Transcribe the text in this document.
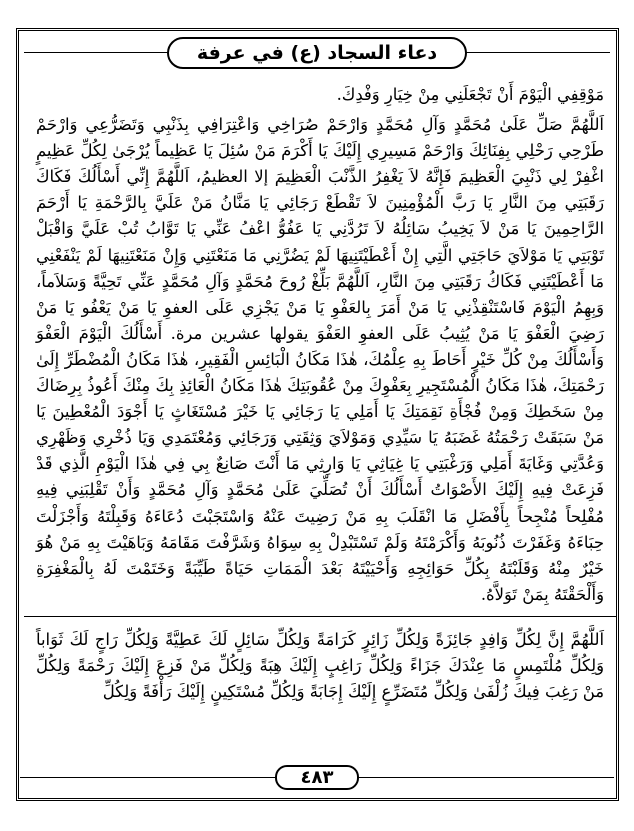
دعاء السجاد (ع) في عرفة

مَوْقِفِي الْيَوْمَ أَنْ تَجْعَلَنِي مِنْ خِيَارِ وَفْدِكَ.

اَللَّهُمَّ صَلِّ عَلَىٰ مُحَمَّدٍ وَآلِ مُحَمَّدٍ وَارْحَمْ صُرَاخِي وَاعْتِرَافِي بِذَنْبِي وَتَضَرُّعِي وَارْحَمْ طَرْحِي رَحْلِي بِفِنَائِكَ وَارْحَمْ مَسِيرِي إِلَيْكَ يَا أَكْرَمَ مَنْ سُئِلَ يَا عَظِيماً يُرْجَىٰ لِكُلِّ عَظِيمٍ اغْفِرْ لِي ذَنْبِيَ الْعَظِيمَ فَإِنَّهُ لاَ يَغْفِرُ الذَّنْبَ الْعَظِيمَ إلا العظيمُ، اَللَّهُمَّ إِنِّي أَسْأَلُكَ فَكَاكَ رَقَبَتِي مِنَ النَّارِ يَا رَبَّ الْمُؤْمِنِينَ لاَ تَقْطَعْ رَجَائِي يَا مَنَّانُ مَنْ عَلَيَّ بِالرَّحْمَةِ يَا أَرْحَمَ الرَّاحِمِينَ يَا مَنْ لاَ يَخِيبُ سَائِلُهُ لاَ تَرُدَّنِي يَا عَفُوُّ اعْفُ عَنِّي يَا تَوَّابُ تُبْ عَلَيَّ وَاقْبَلْ تَوْبَتِي يَا مَوْلاَيَ حَاجَتِي الَّتِي إِنْ أَعْطَيْتَنِيهَا لَمْ يَضُرَّنِي مَا مَنَعْتَنِي وَإِنْ مَنَعْتَنِيهَا لَمْ يَنْفَعْنِي مَا أَعْطَيْتَنِي فَكَاكُ رَقَبَتِي مِنَ النَّارِ، اَللَّهُمَّ بَلِّغْ رُوحَ مُحَمَّدٍ وَآلِ مُحَمَّدٍ عَنِّي تَحِيَّةً وَسَلاَماً، وَبِهِمُ الْيَوْمَ فَاسْتَنْقِذْنِي يَا مَنْ أَمَرَ بِالعَفْوِ يَا مَنْ يَجْزِي عَلَى العفوِ يَا مَنْ يَعْفُو يَا مَنْ رَضِيَ الْعَفْوَ يَا مَنْ يُثِيبُ عَلَى العفوِ العَفْوَ يقولها عشرين مرة. أَسْأَلُكَ الْيَوْمَ الْعَفْوَ وَأَسْأَلُكَ مِنْ كُلِّ خَيْرٍ أَحَاطَ بِهِ عِلْمُكَ، هٰذَا مَكَانُ الْبَائِسِ الْفَقِيرِ، هٰذَا مَكَانُ الْمُضْطَرِّ إِلَىٰ رَحْمَتِكَ، هٰذَا مَكَانُ الْمُسْتَجِيرِ بِعَفْوِكَ مِنْ عُقُوبَتِكَ هٰذَا مَكَانُ الْعَائِذِ بِكَ مِنْكَ أَعُوذُ بِرِضَاكَ مِنْ سَخَطِكَ وَمِنْ فُجْأَةِ نَقِمَتِكَ يَا أَمَلِي يَا رَجَائِي يَا خَيْرَ مُسْتَغَاثٍ يَا أَجْوَدَ الْمُعْطِينَ يَا مَنْ سَبَقَتْ رَحْمَتُهُ غَضَبَهُ يَا سَيِّدِي وَمَوْلاَيَ وَثِقَتِي وَرَجَائِي وَمُعْتَمَدِي وَيَا ذُخْرِي وَظَهْرِي وَعُدَّتِي وَغَايَةَ أَمَلِي وَرَغْبَتِي يَا غِيَاثِي يَا وَارِثِي مَا أَنْتَ صَانِعٌ بِي فِي هٰذَا الْيَوْمِ الَّذِي قَدْ فَزِعَتْ فِيهِ إِلَيْكَ الأَصْوَاتُ أَسْأَلُكَ أَنْ تُصَلِّيَ عَلَىٰ مُحَمَّدٍ وَآلِ مُحَمَّدٍ وَأَنْ تَقْلِبَنِي فِيهِ مُفْلِحاً مُنْجِحاً بِأَفْضَلِ مَا انْقَلَبَ بِهِ مَنْ رَضِيتَ عَنْهُ وَاسْتَجَبْتَ دُعَاءَهُ وَقَبِلْتَهُ وَأَجْزَلْتَ حِبَاءَهُ وَغَفَرْتَ ذُنُوبَهُ وَأَكْرَمْتَهُ وَلَمْ تَسْتَبْدِلْ بِهِ سِوَاهُ وَشَرَّفْتَ مَقَامَهُ وَبَاهَيْتَ بِهِ مَنْ هُوَ خَيْرٌ مِنْهُ وَقَلَبْتَهُ بِكُلِّ حَوَائِجِهِ وَأَحْيَيْتَهُ بَعْدَ الْمَمَاتِ حَيَاةً طَيِّبَةً وَخَتَمْتَ لَهُ بِالْمَغْفِرَةِ وَأَلْحَقْتَهُ بِمَنْ تَوَلاَّهُ.

اَللَّهُمَّ إِنَّ لِكُلِّ وَافِدٍ جَائِزَةً وَلِكُلِّ زَائِرٍ كَرَامَةً وَلِكُلِّ سَائِلٍ لَكَ عَطِيَّةً وَلِكُلِّ رَاجٍ لَكَ ثَوَاباً وَلِكُلِّ مُلْتَمِسٍ مَا عِنْدَكَ جَزَاءً وَلِكُلِّ رَاغِبٍ إِلَيْكَ هِبَةً وَلِكُلِّ مَنْ فَزِعَ إِلَيْكَ رَحْمَةً وَلِكُلِّ مَنْ رَغِبَ فِيكَ زُلْفَىٰ وَلِكُلِّ مُتَضَرِّعٍ إِلَيْكَ إِجَابَةً وَلِكُلِّ مُسْتَكِينٍ إِلَيْكَ رَأْفَةً وَلِكُلِّ

٤٨٣
